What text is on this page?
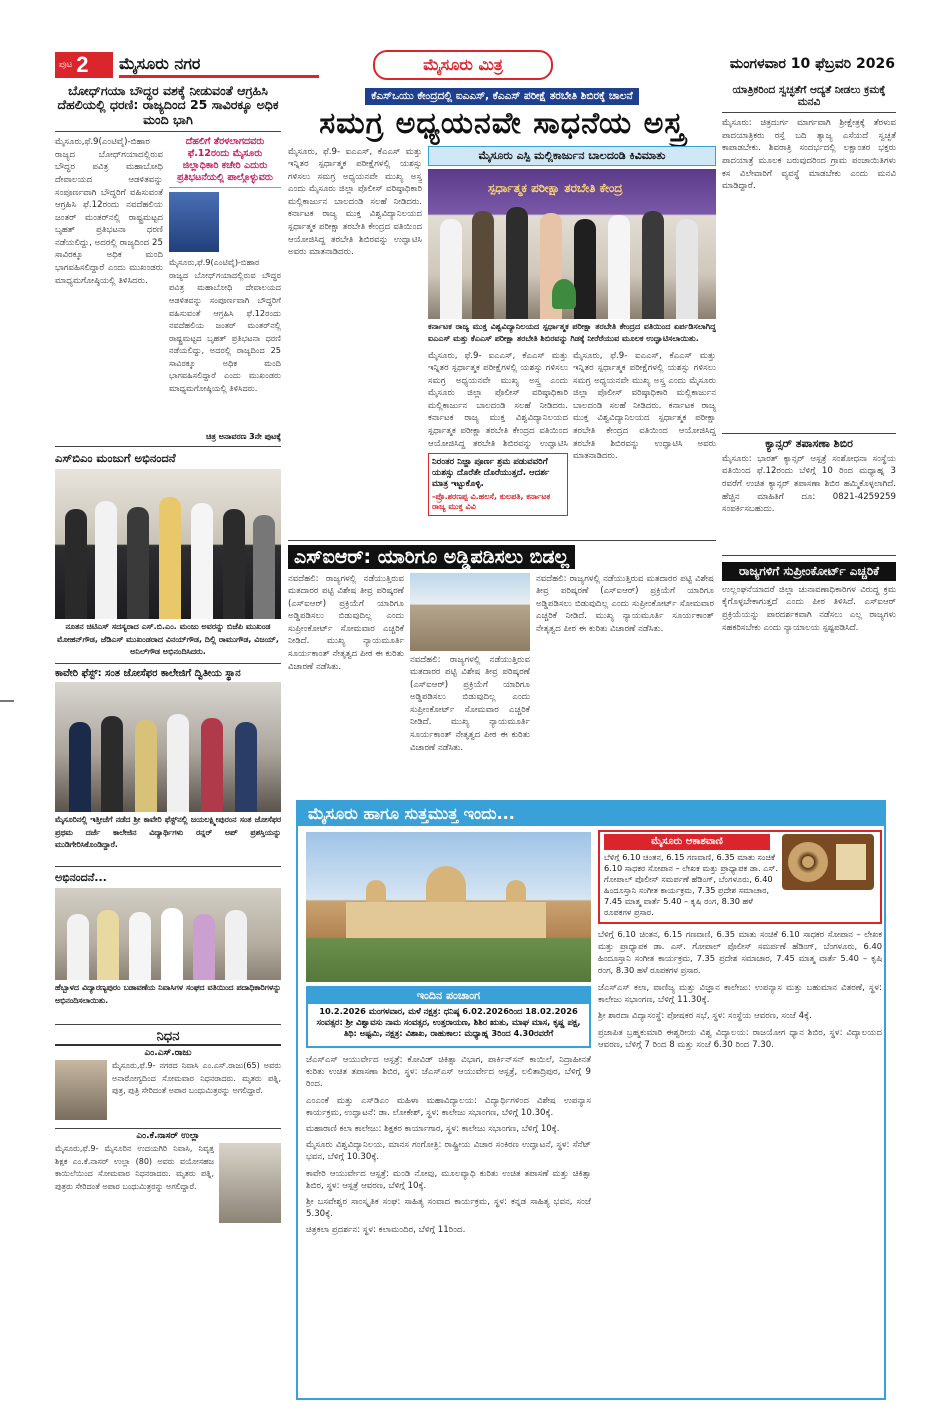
ಪುಟ 2 ಮೈಸೂರು ನಗರ	ಮೈಸೂರು ಮಿತ್ರ	ಮಂಗಳವಾರ 10 ಫೆಬ್ರವರಿ 2026
ಬೋಧ್‌ಗಯಾ ಬೌದ್ಧರ ವಶಕ್ಕೆ ನೀಡುವಂತೆ ಆಗ್ರಹಿಸಿ ದೆಹಲಿಯಲ್ಲಿ ಧರಣಿ: ರಾಜ್ಯದಿಂದ 25 ಸಾವಿರಕ್ಕೂ ಅಧಿಕ ಮಂದಿ ಭಾಗಿ
ಮೈಸೂರು,ಫೆ.9(ಎಂಟಿವೈ)-ಬಿಹಾರ ರಾಜ್ಯದ ಬೋಧ್‌ಗಯಾದಲ್ಲಿರುವ ಬೌದ್ಧರ ಪವಿತ್ರ ಮಹಾಬೋಧಿ ದೇವಾಲಯದ ಆಡಳಿತವನ್ನು ಸಂಪೂರ್ಣವಾಗಿ ಬೌದ್ಧರಿಗೆ ವಹಿಸುವಂತೆ ಆಗ್ರಹಿಸಿ ಫೆ.12ರಂದು ನವದೆಹಲಿಯ ಜಂತರ್ ಮಂತರ್‌ನಲ್ಲಿ ರಾಷ್ಟ್ರಮಟ್ಟದ ಬೃಹತ್ ಪ್ರತಿಭಟನಾ ಧರಣಿ ನಡೆಯಲಿದ್ದು, ಅದರಲ್ಲಿ ರಾಜ್ಯದಿಂದ 25 ಸಾವಿರಕ್ಕೂ ಅಧಿಕ ಮಂದಿ ಭಾಗವಹಿಸಲಿದ್ದಾರೆ ಎಂದು ಮುಖಂಡರು ಮಾಧ್ಯಮಗೋಷ್ಠಿಯಲ್ಲಿ ತಿಳಿಸಿದರು.
ದೆಹಲಿಗೆ ತೆರಳಲಾಗದವರು ಫೆ.12ರಂದು ಮೈಸೂರು ಜಿಲ್ಲಾಧಿಕಾರಿ ಕಚೇರಿ ಎದುರು ಪ್ರತಿಭಟನೆಯಲ್ಲಿ ಪಾಲ್ಗೊಳ್ಳುವರು
ಮೈಸೂರು,ಫೆ.9(ಎಂಟಿವೈ)-ಬಿಹಾರ ರಾಜ್ಯದ ಬೋಧ್‌ಗಯಾದಲ್ಲಿರುವ ಬೌದ್ಧರ ಪವಿತ್ರ ಮಹಾಬೋಧಿ ದೇವಾಲಯದ ಆಡಳಿತವನ್ನು ಸಂಪೂರ್ಣವಾಗಿ ಬೌದ್ಧರಿಗೆ ವಹಿಸುವಂತೆ ಆಗ್ರಹಿಸಿ ಫೆ.12ರಂದು ನವದೆಹಲಿಯ ಜಂತರ್ ಮಂತರ್‌ನಲ್ಲಿ ರಾಷ್ಟ್ರಮಟ್ಟದ ಬೃಹತ್ ಪ್ರತಿಭಟನಾ ಧರಣಿ ನಡೆಯಲಿದ್ದು, ಅದರಲ್ಲಿ ರಾಜ್ಯದಿಂದ 25 ಸಾವಿರಕ್ಕೂ ಅಧಿಕ ಮಂದಿ ಭಾಗವಹಿಸಲಿದ್ದಾರೆ ಎಂದು ಮುಖಂಡರು ಮಾಧ್ಯಮಗೋಷ್ಠಿಯಲ್ಲಿ ತಿಳಿಸಿದರು.
ಚಿತ್ರ ಅನಾವರಣ 3ನೇ ಪುಟಕ್ಕೆ
ಎಸ್‌ಬಿಎಂ ಮಂಜುಗೆ ಅಭಿನಂದನೆ
ನೂತನ ಚಿಟಿಎಸ್ ಸದಸ್ಯರಾದ ಎಸ್.ಬಿ.ಎಂ. ಮಂಜು ಅವರನ್ನು ಬಿಜೆಪಿ ಮುಖಂಡ ಮೋಹನ್‌ಗೌಡ, ಜೆಡಿಎಸ್ ಮುಖಂಡರಾದ ವಿನಯ್‌ಗೌಡ, ದಿಲ್ಲಿ ರಾಮುಗೌಡ, ವಿಜಯ್, ಅನಿಲ್‌ಗೌಡ ಅಭಿನಂದಿಸಿದರು.
ಕಾವೇರಿ ಫೆಸ್ಟ್: ಸಂತ ಜೋಸೆಫರ ಕಾಲೇಜಿಗೆ ದ್ವಿತೀಯ ಸ್ಥಾನ
ಮೈಸೂರಿನಲ್ಲಿ ಇತ್ತೀಚೆಗೆ ನಡೆದ ಶ್ರೀ ಕಾವೇರಿ ಫೆಸ್ಟ್‌ನಲ್ಲಿ ಜಯಲಕ್ಷ್ಮೀಪುರಂನ ಸಂತ ಜೋಸೆಫರ ಪ್ರಥಮ ದರ್ಜೆ ಕಾಲೇಜಿನ ವಿದ್ಯಾರ್ಥಿಗಳು ರನ್ನರ್ ಅಪ್ ಪ್ರಶಸ್ತಿಯನ್ನು ಮುಡಿಗೇರಿಸಿಕೊಂಡಿದ್ದಾರೆ.
ಅಭಿನಂದನೆ...
ಹೆಬ್ಬಾಳದ ವಿದ್ಯಾರಣ್ಯಪುರಂ ಬಡಾವಣೆಯ ನಿವಾಸಿಗಳ ಸಂಘದ ವತಿಯಿಂದ ಪದಾಧಿಕಾರಿಗಳನ್ನು ಅಭಿನಂದಿಸಲಾಯಿತು.
ನಿಧನ
ಎಂ.ಎಸ್.ರಾಜು
ಮೈಸೂರು,ಫೆ.9- ನಗರದ ನಿವಾಸಿ ಎಂ.ಎಸ್.ರಾಜು(65) ಅವರು ಅನಾರೋಗ್ಯದಿಂದ ಸೋಮವಾರ ನಿಧನರಾದರು. ಮೃತರು ಪತ್ನಿ, ಪುತ್ರ, ಪುತ್ರಿ ಸೇರಿದಂತೆ ಅಪಾರ ಬಂಧುಮಿತ್ರರನ್ನು ಅಗಲಿದ್ದಾರೆ.
ಎಂ.ಕೆ.ನಾಸರ್ ಉಲ್ಲಾ
ಮೈಸೂರು,ಫೆ.9- ಮೈಸೂರಿನ ಉದಯಗಿರಿ ನಿವಾಸಿ, ನಿವೃತ್ತ ಶಿಕ್ಷಕ ಎಂ.ಕೆ.ನಾಸರ್ ಉಲ್ಲಾ (80) ಅವರು ವಯೋಸಹಜ ಕಾಯಿಲೆಯಿಂದ ಸೋಮವಾರ ನಿಧನರಾದರು. ಮೃತರು ಪತ್ನಿ, ಪುತ್ರರು ಸೇರಿದಂತೆ ಅಪಾರ ಬಂಧುಮಿತ್ರರನ್ನು ಅಗಲಿದ್ದಾರೆ.
ಕೆಎಸ್‌ಒಯು ಕೇಂದ್ರದಲ್ಲಿ ಐಎಎಸ್, ಕೆಎಎಸ್ ಪರೀಕ್ಷೆ ತರಬೇತಿ ಶಿಬಿರಕ್ಕೆ ಚಾಲನೆ
ಸಮಗ್ರ ಅಧ್ಯಯನವೇ ಸಾಧನೆಯ ಅಸ್ತ್ರ
ಮೈಸೂರು, ಫೆ.9- ಐಎಎಸ್, ಕೆಎಎಸ್ ಮತ್ತು ಇನ್ನಿತರ ಸ್ಪರ್ಧಾತ್ಮಕ ಪರೀಕ್ಷೆಗಳಲ್ಲಿ ಯಶಸ್ಸು ಗಳಿಸಲು ಸಮಗ್ರ ಅಧ್ಯಯನವೇ ಮುಖ್ಯ ಅಸ್ತ್ರ ಎಂದು ಮೈಸೂರು ಜಿಲ್ಲಾ ಪೊಲೀಸ್ ವರಿಷ್ಠಾಧಿಕಾರಿ ಮಲ್ಲಿಕಾರ್ಜುನ ಬಾಲದಂಡಿ ಸಲಹೆ ನೀಡಿದರು. ಕರ್ನಾಟಕ ರಾಜ್ಯ ಮುಕ್ತ ವಿಶ್ವವಿದ್ಯಾನಿಲಯದ ಸ್ಪರ್ಧಾತ್ಮಕ ಪರೀಕ್ಷಾ ತರಬೇತಿ ಕೇಂದ್ರದ ವತಿಯಿಂದ ಆಯೋಜಿಸಿದ್ದ ತರಬೇತಿ ಶಿಬಿರವನ್ನು ಉದ್ಘಾಟಿಸಿ ಅವರು ಮಾತನಾಡಿದರು.
ಮೈಸೂರು ಎಸ್ಪಿ ಮಲ್ಲಿಕಾರ್ಜುನ ಬಾಲದಂಡಿ ಕಿವಿಮಾತು
ಸ್ಪರ್ಧಾತ್ಮಕ ಪರೀಕ್ಷಾ ತರಬೇತಿ ಕೇಂದ್ರ
ಕರ್ನಾಟಕ ರಾಜ್ಯ ಮುಕ್ತ ವಿಶ್ವವಿದ್ಯಾನಿಲಯದ ಸ್ಪರ್ಧಾತ್ಮಕ ಪರೀಕ್ಷಾ ತರಬೇತಿ ಕೇಂದ್ರದ ವತಿಯಿಂದ ಏರ್ಪಡಿಸಲಾಗಿದ್ದ ಐಎಎಸ್ ಮತ್ತು ಕೆಎಎಸ್ ಪರೀಕ್ಷಾ ತರಬೇತಿ ಶಿಬಿರವನ್ನು ಗಿಡಕ್ಕೆ ನೀರೆರೆಯುವ ಮೂಲಕ ಉದ್ಘಾಟಿಸಲಾಯಿತು.
ಮೈಸೂರು, ಫೆ.9- ಐಎಎಸ್, ಕೆಎಎಸ್ ಮತ್ತು ಇನ್ನಿತರ ಸ್ಪರ್ಧಾತ್ಮಕ ಪರೀಕ್ಷೆಗಳಲ್ಲಿ ಯಶಸ್ಸು ಗಳಿಸಲು ಸಮಗ್ರ ಅಧ್ಯಯನವೇ ಮುಖ್ಯ ಅಸ್ತ್ರ ಎಂದು ಮೈಸೂರು ಜಿಲ್ಲಾ ಪೊಲೀಸ್ ವರಿಷ್ಠಾಧಿಕಾರಿ ಮಲ್ಲಿಕಾರ್ಜುನ ಬಾಲದಂಡಿ ಸಲಹೆ ನೀಡಿದರು. ಕರ್ನಾಟಕ ರಾಜ್ಯ ಮುಕ್ತ ವಿಶ್ವವಿದ್ಯಾನಿಲಯದ ಸ್ಪರ್ಧಾತ್ಮಕ ಪರೀಕ್ಷಾ ತರಬೇತಿ ಕೇಂದ್ರದ ವತಿಯಿಂದ ಆಯೋಜಿಸಿದ್ದ ತರಬೇತಿ ಶಿಬಿರವನ್ನು ಉದ್ಘಾಟಿಸಿ
ನಿರಂತರ ನಿಜ್ಜಾ ಪೂರ್ಣ ಶ್ರಮ ಪಡುವವರಿಗೆ ಯಶಸ್ಸು ದೊರೆತೇ ದೊರೆಯುತ್ತದೆ. ಆದರ್ಶ ಮಾತ್ರ ಇಟ್ಟುಕೊಳ್ಳಿ.
-ಪ್ರೊ.ಶರಣಪ್ಪ ವಿ.ಹಲಸೆ, ಕುಲಪತಿ, ಕರ್ನಾಟಕ ರಾಜ್ಯ ಮುಕ್ತ ವಿವಿ
ಮೈಸೂರು, ಫೆ.9- ಐಎಎಸ್, ಕೆಎಎಸ್ ಮತ್ತು ಇನ್ನಿತರ ಸ್ಪರ್ಧಾತ್ಮಕ ಪರೀಕ್ಷೆಗಳಲ್ಲಿ ಯಶಸ್ಸು ಗಳಿಸಲು ಸಮಗ್ರ ಅಧ್ಯಯನವೇ ಮುಖ್ಯ ಅಸ್ತ್ರ ಎಂದು ಮೈಸೂರು ಜಿಲ್ಲಾ ಪೊಲೀಸ್ ವರಿಷ್ಠಾಧಿಕಾರಿ ಮಲ್ಲಿಕಾರ್ಜುನ ಬಾಲದಂಡಿ ಸಲಹೆ ನೀಡಿದರು. ಕರ್ನಾಟಕ ರಾಜ್ಯ ಮುಕ್ತ ವಿಶ್ವವಿದ್ಯಾನಿಲಯದ ಸ್ಪರ್ಧಾತ್ಮಕ ಪರೀಕ್ಷಾ ತರಬೇತಿ ಕೇಂದ್ರದ ವತಿಯಿಂದ ಆಯೋಜಿಸಿದ್ದ ತರಬೇತಿ ಶಿಬಿರವನ್ನು ಉದ್ಘಾಟಿಸಿ ಅವರು ಮಾತನಾಡಿದರು.
ಎಸ್‌ಐಆರ್: ಯಾರಿಗೂ ಅಡ್ಡಿಪಡಿಸಲು ಬಿಡಲ್ಲ
ನವದೆಹಲಿ: ರಾಜ್ಯಗಳಲ್ಲಿ ನಡೆಯುತ್ತಿರುವ ಮತದಾರರ ಪಟ್ಟಿ ವಿಶೇಷ ತೀವ್ರ ಪರಿಷ್ಕರಣೆ (ಎಸ್‌ಐಆರ್) ಪ್ರಕ್ರಿಯೆಗೆ ಯಾರಿಗೂ ಅಡ್ಡಿಪಡಿಸಲು ಬಿಡುವುದಿಲ್ಲ ಎಂದು ಸುಪ್ರೀಂಕೋರ್ಟ್ ಸೋಮವಾರ ಎಚ್ಚರಿಕೆ ನೀಡಿದೆ. ಮುಖ್ಯ ನ್ಯಾಯಮೂರ್ತಿ ಸೂರ್ಯಕಾಂತ್ ನೇತೃತ್ವದ ಪೀಠ ಈ ಕುರಿತು ವಿಚಾರಣೆ ನಡೆಸಿತು.
ನವದೆಹಲಿ: ರಾಜ್ಯಗಳಲ್ಲಿ ನಡೆಯುತ್ತಿರುವ ಮತದಾರರ ಪಟ್ಟಿ ವಿಶೇಷ ತೀವ್ರ ಪರಿಷ್ಕರಣೆ (ಎಸ್‌ಐಆರ್) ಪ್ರಕ್ರಿಯೆಗೆ ಯಾರಿಗೂ ಅಡ್ಡಿಪಡಿಸಲು ಬಿಡುವುದಿಲ್ಲ ಎಂದು ಸುಪ್ರೀಂಕೋರ್ಟ್ ಸೋಮವಾರ ಎಚ್ಚರಿಕೆ ನೀಡಿದೆ. ಮುಖ್ಯ ನ್ಯಾಯಮೂರ್ತಿ ಸೂರ್ಯಕಾಂತ್ ನೇತೃತ್ವದ ಪೀಠ ಈ ಕುರಿತು ವಿಚಾರಣೆ ನಡೆಸಿತು.
ನವದೆಹಲಿ: ರಾಜ್ಯಗಳಲ್ಲಿ ನಡೆಯುತ್ತಿರುವ ಮತದಾರರ ಪಟ್ಟಿ ವಿಶೇಷ ತೀವ್ರ ಪರಿಷ್ಕರಣೆ (ಎಸ್‌ಐಆರ್) ಪ್ರಕ್ರಿಯೆಗೆ ಯಾರಿಗೂ ಅಡ್ಡಿಪಡಿಸಲು ಬಿಡುವುದಿಲ್ಲ ಎಂದು ಸುಪ್ರೀಂಕೋರ್ಟ್ ಸೋಮವಾರ ಎಚ್ಚರಿಕೆ ನೀಡಿದೆ. ಮುಖ್ಯ ನ್ಯಾಯಮೂರ್ತಿ ಸೂರ್ಯಕಾಂತ್ ನೇತೃತ್ವದ ಪೀಠ ಈ ಕುರಿತು ವಿಚಾರಣೆ ನಡೆಸಿತು.
ಯಾತ್ರಿಕರಿಂದ ಸ್ವಚ್ಛತೆಗೆ ಆದ್ಯತೆ ನೀಡಲು ಕ್ರಮಕ್ಕೆ ಮನವಿ
ಮೈಸೂರು: ಚಿತ್ರದುರ್ಗ ಮಾರ್ಗವಾಗಿ ಶ್ರೀಕ್ಷೇತ್ರಕ್ಕೆ ತೆರಳುವ ಪಾದಯಾತ್ರಿಕರು ರಸ್ತೆ ಬದಿ ತ್ಯಾಜ್ಯ ಎಸೆಯದೆ ಸ್ವಚ್ಛತೆ ಕಾಪಾಡಬೇಕು. ಶಿವರಾತ್ರಿ ಸಂದರ್ಭದಲ್ಲಿ ಲಕ್ಷಾಂತರ ಭಕ್ತರು ಪಾದಯಾತ್ರೆ ಮೂಲಕ ಬರುವುದರಿಂದ ಗ್ರಾಮ ಪಂಚಾಯಿತಿಗಳು ಕಸ ವಿಲೇವಾರಿಗೆ ವ್ಯವಸ್ಥೆ ಮಾಡಬೇಕು ಎಂದು ಮನವಿ ಮಾಡಿದ್ದಾರೆ.
ಕ್ಯಾನ್ಸರ್ ತಪಾಸಣಾ ಶಿಬಿರ
ಮೈಸೂರು: ಭಾರತ್ ಕ್ಯಾನ್ಸರ್ ಆಸ್ಪತ್ರೆ ಸಂಶೋಧನಾ ಸಂಸ್ಥೆಯ ವತಿಯಿಂದ ಫೆ.12ರಂದು ಬೆಳಿಗ್ಗೆ 10 ರಿಂದ ಮಧ್ಯಾಹ್ನ 3 ರವರೆಗೆ ಉಚಿತ ಕ್ಯಾನ್ಸರ್ ತಪಾಸಣಾ ಶಿಬಿರ ಹಮ್ಮಿಕೊಳ್ಳಲಾಗಿದೆ. ಹೆಚ್ಚಿನ ಮಾಹಿತಿಗೆ ದೂ: 0821-4259259 ಸಂಪರ್ಕಿಸಬಹುದು.
ರಾಜ್ಯಗಳಿಗೆ ಸುಪ್ರೀಂಕೋರ್ಟ್ ಎಚ್ಚರಿಕೆ
ಉಲ್ಲಂಘನೆಯಾದರೆ ಜಿಲ್ಲಾ ಚುನಾವಣಾಧಿಕಾರಿಗಳ ವಿರುದ್ಧ ಕ್ರಮ ಕೈಗೊಳ್ಳಬೇಕಾಗುತ್ತದೆ ಎಂದು ಪೀಠ ತಿಳಿಸಿದೆ. ಎಸ್‌ಐಆರ್ ಪ್ರಕ್ರಿಯೆಯನ್ನು ಪಾರದರ್ಶಕವಾಗಿ ನಡೆಸಲು ಎಲ್ಲ ರಾಜ್ಯಗಳು ಸಹಕರಿಸಬೇಕು ಎಂದು ನ್ಯಾಯಾಲಯ ಸ್ಪಷ್ಟಪಡಿಸಿದೆ.
ಮೈಸೂರು ಹಾಗೂ ಸುತ್ತಮುತ್ತ ಇಂದು...
ಇಂದಿನ ಪಂಚಾಂಗ
10.2.2026 ಮಂಗಳವಾರ, ಮಳೆ ನಕ್ಷತ್ರ: ಧನಿಷ್ಠ 6.02.2026ರಿಂದ 18.02.2026 ಸಂವತ್ಸರ: ಶ್ರೀ ವಿಶ್ವಾವಸು ನಾಮ ಸಂವತ್ಸರ, ಉತ್ತರಾಯಣ, ಶಿಶಿರ ಋತು, ಮಾಘ ಮಾಸ, ಕೃಷ್ಣ ಪಕ್ಷ, ತಿಥಿ: ಅಷ್ಟಮಿ, ನಕ್ಷತ್ರ: ವಿಶಾಖ, ರಾಹುಕಾಲ: ಮಧ್ಯಾಹ್ನ 3ರಿಂದ 4.30ರವರೆಗೆ
ಮೈಸೂರು ಆಕಾಶವಾಣಿ
ಬೆಳಿಗ್ಗೆ 6.10 ಚಿಂತನ, 6.15 ಗಣವಾಣಿ, 6.35 ಮಾತು ಸಂಚಿಕೆ 6.10 ಸಾಧಕರ ಸೋಪಾನ – ಲೇಖಕ ಮತ್ತು ಪ್ರಾಧ್ಯಾಪಕ ಡಾ. ಎಸ್. ಗೋಪಾಲ್ ಪೊಲೀಸ್ ಸಮರ್ಪಣೆ ಹೆಡಿಂಗ್, ಬೆಂಗಳೂರು, 6.40 ಹಿಂದೂಸ್ತಾನಿ ಸಂಗೀತ ಕಾರ್ಯಕ್ರಮ, 7.35 ಪ್ರದೇಶ ಸಮಾಚಾರ, 7.45 ಮಾತ್ಮ ವಾರ್ತೆ 5.40 – ಕೃಷಿ ರಂಗ, 8.30 ಹಳೆ ರೂಪಕಗಳ ಪ್ರಸಾರ.
ಬೆಳಿಗ್ಗೆ 6.10 ಚಿಂತನ, 6.15 ಗಣವಾಣಿ, 6.35 ಮಾತು ಸಂಚಿಕೆ 6.10 ಸಾಧಕರ ಸೋಪಾನ – ಲೇಖಕ ಮತ್ತು ಪ್ರಾಧ್ಯಾಪಕ ಡಾ. ಎಸ್. ಗೋಪಾಲ್ ಪೊಲೀಸ್ ಸಮರ್ಪಣೆ ಹೆಡಿಂಗ್, ಬೆಂಗಳೂರು, 6.40 ಹಿಂದೂಸ್ತಾನಿ ಸಂಗೀತ ಕಾರ್ಯಕ್ರಮ, 7.35 ಪ್ರದೇಶ ಸಮಾಚಾರ, 7.45 ಮಾತ್ಮ ವಾರ್ತೆ 5.40 – ಕೃಷಿ ರಂಗ, 8.30 ಹಳೆ ರೂಪಕಗಳ ಪ್ರಸಾರ.
ಜೆಎಸ್‌ಎಸ್ ಕಲಾ, ವಾಣಿಜ್ಯ ಮತ್ತು ವಿಜ್ಞಾನ ಕಾಲೇಜು: ಉಪನ್ಯಾಸ ಮತ್ತು ಬಹುಮಾನ ವಿತರಣೆ, ಸ್ಥಳ: ಕಾಲೇಜು ಸಭಾಂಗಣ, ಬೆಳಿಗ್ಗೆ 11.30ಕ್ಕೆ.
ಶ್ರೀ ಶಾರದಾ ವಿದ್ಯಾಸಂಸ್ಥೆ: ಪೋಷಕರ ಸಭೆ, ಸ್ಥಳ: ಸಂಸ್ಥೆಯ ಆವರಣ, ಸಂಜೆ 4ಕ್ಕೆ.
ಪ್ರಜಾಪಿತ ಬ್ರಹ್ಮಕುಮಾರಿ ಈಶ್ವರೀಯ ವಿಶ್ವ ವಿದ್ಯಾಲಯ: ರಾಜಯೋಗ ಧ್ಯಾನ ಶಿಬಿರ, ಸ್ಥಳ: ವಿದ್ಯಾಲಯದ ಆವರಣ, ಬೆಳಿಗ್ಗೆ 7 ರಿಂದ 8 ಮತ್ತು ಸಂಜೆ 6.30 ರಿಂದ 7.30.
ಜೆಎಸ್‌ಎಸ್ ಆಯುರ್ವೇದ ಆಸ್ಪತ್ರೆ: ಕೋವಿಡ್ ಚಿಕಿತ್ಸಾ ವಿಭಾಗ, ಪಾರ್ಕಿನ್‌ಸನ್ ಕಾಯಿಲೆ, ನಿದ್ರಾಹೀನತೆ ಕುರಿತು ಉಚಿತ ತಪಾಸಣಾ ಶಿಬಿರ, ಸ್ಥಳ: ಜೆಎಸ್‌ಎಸ್ ಆಯುರ್ವೇದ ಆಸ್ಪತ್ರೆ, ಲಲಿತಾದ್ರಿಪುರ, ಬೆಳಿಗ್ಗೆ 9 ರಿಂದ.
ಎಂಎಂಕೆ ಮತ್ತು ಎಸ್‌ಡಿಎಂ ಮಹಿಳಾ ಮಹಾವಿದ್ಯಾಲಯ: ವಿದ್ಯಾರ್ಥಿಗಳಿಂದ ವಿಶೇಷ ಉಪನ್ಯಾಸ ಕಾರ್ಯಕ್ರಮ, ಉದ್ಘಾಟನೆ: ಡಾ. ಲೋಕೇಶ್, ಸ್ಥಳ: ಕಾಲೇಜು ಸಭಾಂಗಣ, ಬೆಳಿಗ್ಗೆ 10.30ಕ್ಕೆ.
ಮಹಾರಾಣಿ ಕಲಾ ಕಾಲೇಜು: ಶಿಕ್ಷಕರ ಕಾರ್ಯಾಗಾರ, ಸ್ಥಳ: ಕಾಲೇಜು ಸಭಾಂಗಣ, ಬೆಳಿಗ್ಗೆ 10ಕ್ಕೆ.
ಮೈಸೂರು ವಿಶ್ವವಿದ್ಯಾನಿಲಯ, ಮಾನಸ ಗಂಗೋತ್ರಿ: ರಾಷ್ಟ್ರೀಯ ವಿಚಾರ ಸಂಕಿರಣ ಉದ್ಘಾಟನೆ, ಸ್ಥಳ: ಸೆನೆಟ್ ಭವನ, ಬೆಳಿಗ್ಗೆ 10.30ಕ್ಕೆ.
ಕಾವೇರಿ ಆಯುರ್ವೇದ ಆಸ್ಪತ್ರೆ: ಮಂಡಿ ನೋವು, ಮೂಲವ್ಯಾಧಿ ಕುರಿತು ಉಚಿತ ತಪಾಸಣೆ ಮತ್ತು ಚಿಕಿತ್ಸಾ ಶಿಬಿರ, ಸ್ಥಳ: ಆಸ್ಪತ್ರೆ ಆವರಣ, ಬೆಳಿಗ್ಗೆ 10ಕ್ಕೆ.
ಶ್ರೀ ಬಸವೇಶ್ವರ ಸಾಂಸ್ಕೃತಿಕ ಸಂಘ: ಸಾಹಿತ್ಯ ಸಂವಾದ ಕಾರ್ಯಕ್ರಮ, ಸ್ಥಳ: ಕನ್ನಡ ಸಾಹಿತ್ಯ ಭವನ, ಸಂಜೆ 5.30ಕ್ಕೆ.
ಚಿತ್ರಕಲಾ ಪ್ರದರ್ಶನ: ಸ್ಥಳ: ಕಲಾಮಂದಿರ, ಬೆಳಿಗ್ಗೆ 11ರಿಂದ.
